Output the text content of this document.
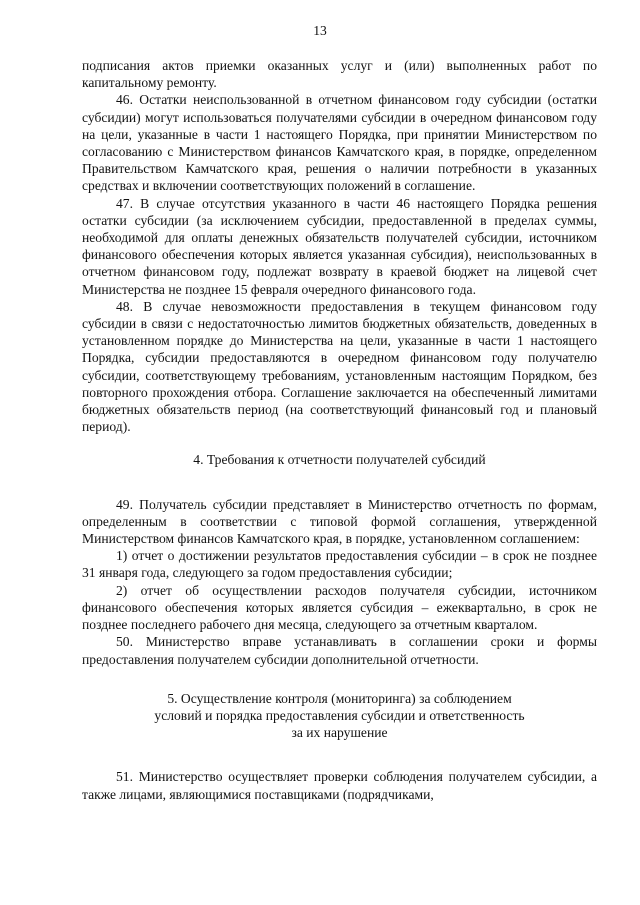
13

подписания актов приемки оказанных услуг и (или) выполненных работ по капитальному ремонту.

46. Остатки неиспользованной в отчетном финансовом году субсидии (остатки субсидии) могут использоваться получателями субсидии в очередном финансовом году на цели, указанные в части 1 настоящего Порядка, при принятии Министерством по согласованию с Министерством финансов Камчатского края, в порядке, определенном Правительством Камчатского края, решения о наличии потребности в указанных средствах и включении соответствующих положений в соглашение.

47. В случае отсутствия указанного в части 46 настоящего Порядка решения остатки субсидии (за исключением субсидии, предоставленной в пределах суммы, необходимой для оплаты денежных обязательств получателей субсидии, источником финансового обеспечения которых является указанная субсидия), неиспользованных в отчетном финансовом году, подлежат возврату в краевой бюджет на лицевой счет Министерства не позднее 15 февраля очередного финансового года.

48. В случае невозможности предоставления в текущем финансовом году субсидии в связи с недостаточностью лимитов бюджетных обязательств, доведенных в установленном порядке до Министерства на цели, указанные в части 1 настоящего Порядка, субсидии предоставляются в очередном финансовом году получателю субсидии, соответствующему требованиям, установленным настоящим Порядком, без повторного прохождения отбора. Соглашение заключается на обеспеченный лимитами бюджетных обязательств период (на соответствующий финансовый год и плановый период).

4. Требования к отчетности получателей субсидий

49. Получатель субсидии представляет в Министерство отчетность по формам, определенным в соответствии с типовой формой соглашения, утвержденной Министерством финансов Камчатского края, в порядке, установленном соглашением:

1) отчет о достижении результатов предоставления субсидии – в срок не позднее 31 января года, следующего за годом предоставления субсидии;

2) отчет об осуществлении расходов получателя субсидии, источником финансового обеспечения которых является субсидия – ежеквартально, в срок не позднее последнего рабочего дня месяца, следующего за отчетным кварталом.

50. Министерство вправе устанавливать в соглашении сроки и формы предоставления получателем субсидии дополнительной отчетности.

5. Осуществление контроля (мониторинга) за соблюдением
условий и порядка предоставления субсидии и ответственность
за их нарушение

51. Министерство осуществляет проверки соблюдения получателем субсидии, а также лицами, являющимися поставщиками (подрядчиками,
